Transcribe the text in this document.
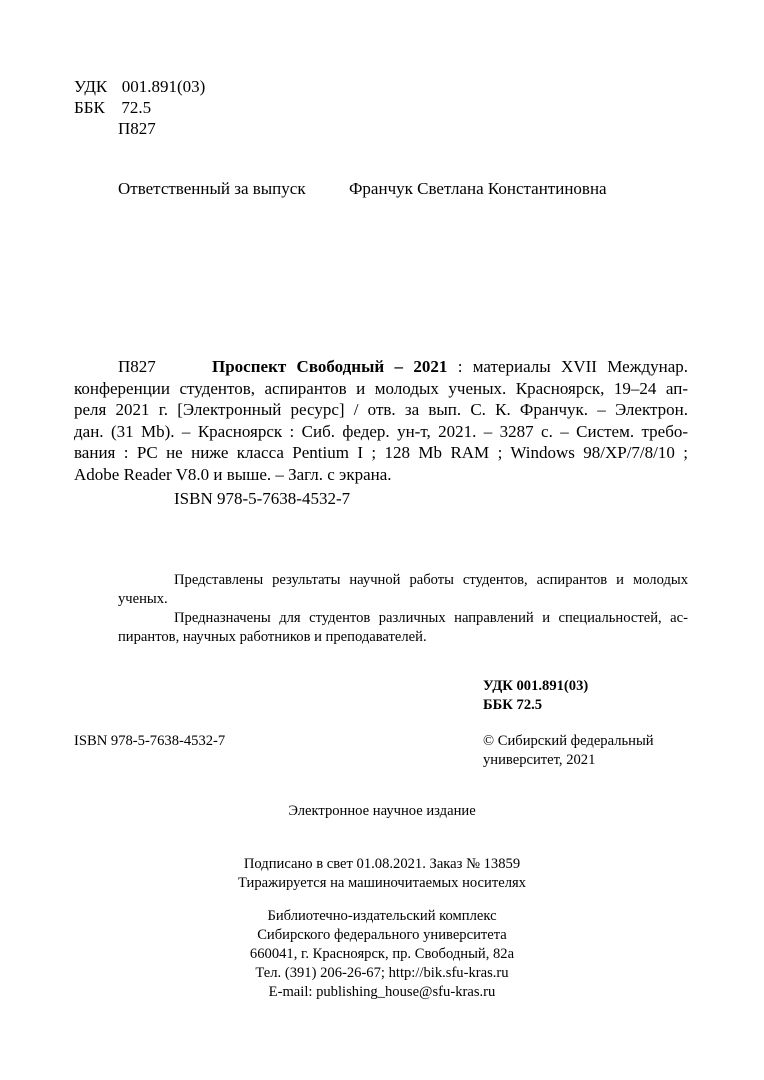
УДК 001.891(03)
ББК 72.5
П827
Ответственный за выпуск	Франчук Светлана Константиновна
П827	Проспект Свободный – 2021 : материалы XVII Междунар.
конференции студентов, аспирантов и молодых ученых. Красноярск, 19–24 ап-
реля 2021 г. [Электронный ресурс] / отв. за вып. С. К. Франчук. – Электрон.
дан. (31 Mb). – Красноярск : Сиб. федер. ун-т, 2021. – 3287 с. – Систем. требо-
вания : PC не ниже класса Pentium I ; 128 Mb RAM ; Windows 98/XP/7/8/10 ;
Adobe Reader V8.0 и выше. – Загл. с экрана.
ISBN 978-5-7638-4532-7
Представлены результаты научной работы студентов, аспирантов и молодых
ученых.
Предназначены для студентов различных направлений и специальностей, ас-
пирантов, научных работников и преподавателей.
УДК 001.891(03)
ББК 72.5
ISBN 978-5-7638-4532-7	© Сибирский федеральный
университет, 2021
Электронное научное издание
Подписано в свет 01.08.2021. Заказ № 13859
Тиражируется на машиночитаемых носителях
Библиотечно-издательский комплекс
Сибирского федерального университета
660041, г. Красноярск, пр. Свободный, 82а
Тел. (391) 206-26-67; http://bik.sfu-kras.ru
E-mail: publishing_house@sfu-kras.ru
